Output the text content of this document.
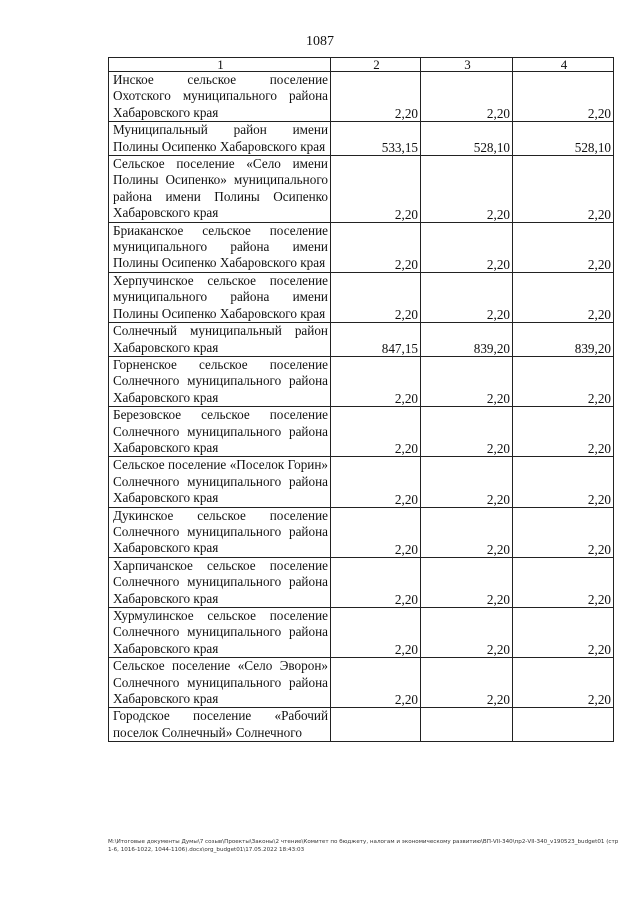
1087
1	2	3	4
Инское сельское поселение Охотского муниципального района Хабаровского края	2,20	2,20	2,20
Муниципальный район имени Полины Осипенко Хабаровского края	533,15	528,10	528,10
Сельское поселение «Село имени Полины Осипенко» муниципального района имени Полины Осипенко Хабаровского края	2,20	2,20	2,20
Бриаканское сельское поселение муниципального района имени Полины Осипенко Хабаровского края	2,20	2,20	2,20
Херпучинское сельское поселение муниципального района имени Полины Осипенко Хабаровского края	2,20	2,20	2,20
Солнечный муниципальный район Хабаровского края	847,15	839,20	839,20
Горненское сельское поселение Солнечного муниципального района Хабаровского края	2,20	2,20	2,20
Березовское сельское поселение Солнечного муниципального района Хабаровского края	2,20	2,20	2,20
Сельское поселение «Поселок Горин» Солнечного муниципального района Хабаровского края	2,20	2,20	2,20
Дукинское сельское поселение Солнечного муниципального района Хабаровского края	2,20	2,20	2,20
Харпичанское сельское поселение Солнечного муниципального района Хабаровского края	2,20	2,20	2,20
Хурмулинское сельское поселение Солнечного муниципального района Хабаровского края	2,20	2,20	2,20
Сельское поселение «Село Эворон» Солнечного муниципального района Хабаровского края	2,20	2,20	2,20
Городское поселение «Рабочий поселок Солнечный» Солнечного			
M:\Итоговые документы Думы\7 созыв\Проекты\Законы\2 чтение\Комитет по бюджету, налогам и экономическому развитию\ВП-VII-340\пр2-VII-340_v190523_budget01 (стр1-6, 1016-1022, 1044-1106).docx\org_budget01\17.05.2022 18:43:03
